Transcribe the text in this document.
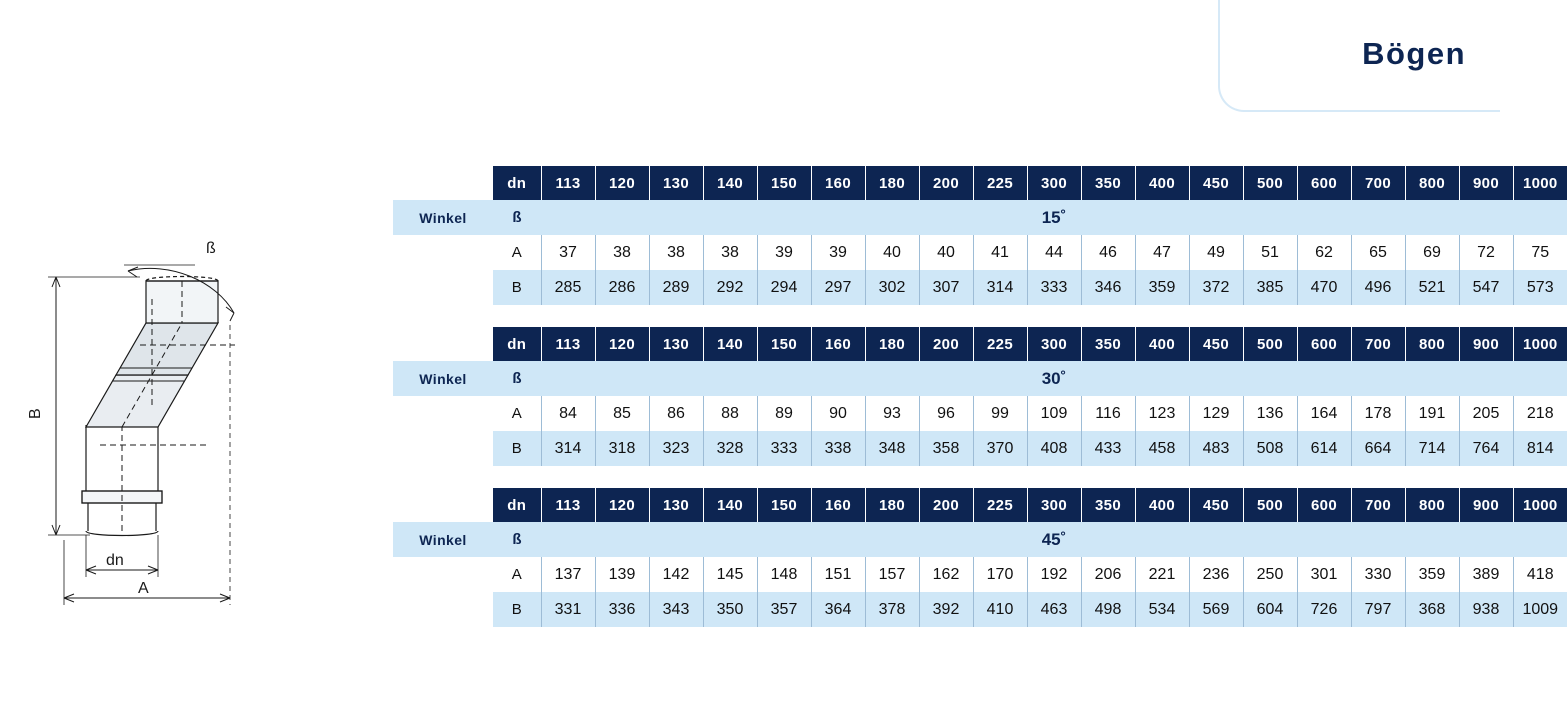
Bögen
ß
B
dn
A
	dn	113	120	130	140	150	160	180	200	225	300	350	400	450	500	600	700	800	900	1000
Winkel	ß	15˚																		
	A	37	38	38	38	39	39	40	40	41	44	46	47	49	51	62	65	69	72	75
	B	285	286	289	292	294	297	302	307	314	333	346	359	372	385	470	496	521	547	573
	dn	113	120	130	140	150	160	180	200	225	300	350	400	450	500	600	700	800	900	1000
Winkel	ß	30˚																		
	A	84	85	86	88	89	90	93	96	99	109	116	123	129	136	164	178	191	205	218
	B	314	318	323	328	333	338	348	358	370	408	433	458	483	508	614	664	714	764	814
	dn	113	120	130	140	150	160	180	200	225	300	350	400	450	500	600	700	800	900	1000
Winkel	ß	45˚																		
	A	137	139	142	145	148	151	157	162	170	192	206	221	236	250	301	330	359	389	418
	B	331	336	343	350	357	364	378	392	410	463	498	534	569	604	726	797	368	938	1009
